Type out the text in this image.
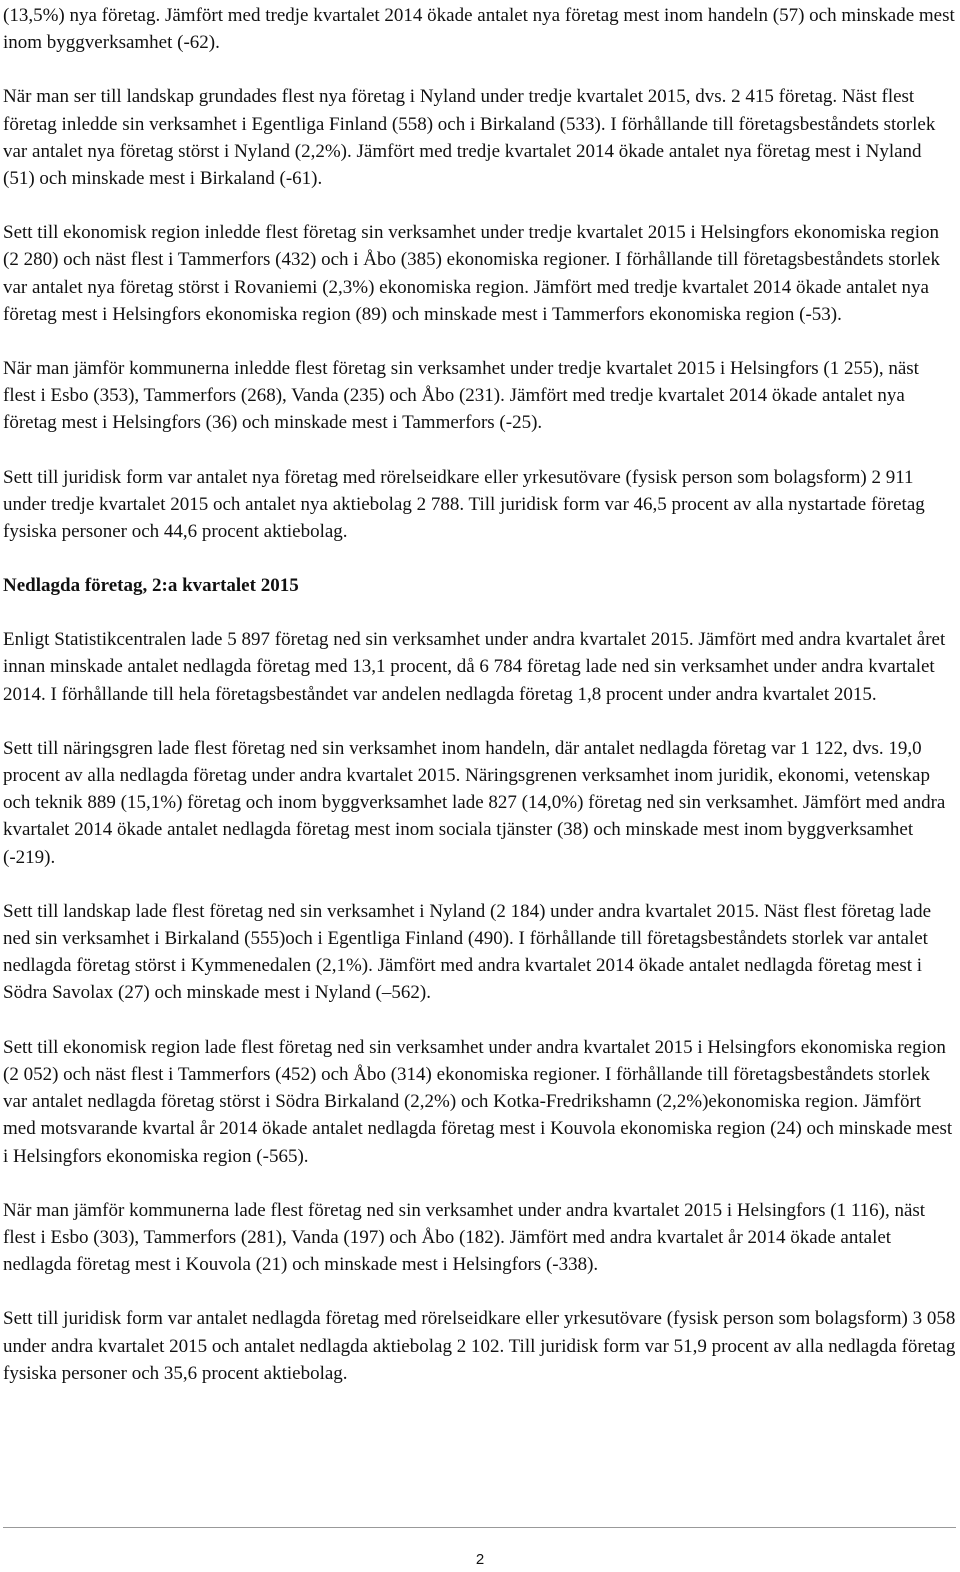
(13,5%) nya företag. Jämfört med tredje kvartalet 2014 ökade antalet nya företag mest inom handeln (57) och minskade mest inom byggverksamhet (-62).

När man ser till landskap grundades flest nya företag i Nyland under tredje kvartalet 2015, dvs. 2 415 företag. Näst flest företag inledde sin verksamhet i Egentliga Finland (558) och i Birkaland (533). I förhållande till företagsbeståndets storlek var antalet nya företag störst i Nyland (2,2%). Jämfört med tredje kvartalet 2014 ökade antalet nya företag mest i Nyland (51) och minskade mest i Birkaland (-61).

Sett till ekonomisk region inledde flest företag sin verksamhet under tredje kvartalet 2015 i Helsingfors ekonomiska region (2 280) och näst flest i Tammerfors (432) och i Åbo (385) ekonomiska regioner. I förhållande till företagsbeståndets storlek var antalet nya företag störst i Rovaniemi (2,3%) ekonomiska region. Jämfört med tredje kvartalet 2014 ökade antalet nya företag mest i Helsingfors ekonomiska region (89) och minskade mest i Tammerfors ekonomiska region (-53).

När man jämför kommunerna inledde flest företag sin verksamhet under tredje kvartalet 2015 i Helsingfors (1 255), näst flest i Esbo (353), Tammerfors (268), Vanda (235) och Åbo (231). Jämfört med tredje kvartalet 2014 ökade antalet nya företag mest i Helsingfors (36) och minskade mest i Tammerfors (-25).

Sett till juridisk form var antalet nya företag med rörelseidkare eller yrkesutövare (fysisk person som bolagsform) 2 911 under tredje kvartalet 2015 och antalet nya aktiebolag 2 788. Till juridisk form var 46,5 procent av alla nystartade företag fysiska personer och 44,6 procent aktiebolag.

Nedlagda företag, 2:a kvartalet 2015

Enligt Statistikcentralen lade 5 897 företag ned sin verksamhet under andra kvartalet 2015. Jämfört med andra kvartalet året innan minskade antalet nedlagda företag med 13,1 procent, då 6 784 företag lade ned sin verksamhet under andra kvartalet 2014. I förhållande till hela företagsbeståndet var andelen nedlagda företag 1,8 procent under andra kvartalet 2015.

Sett till näringsgren lade flest företag ned sin verksamhet inom handeln, där antalet nedlagda företag var 1 122, dvs. 19,0 procent av alla nedlagda företag under andra kvartalet 2015. Näringsgrenen verksamhet inom juridik, ekonomi, vetenskap och teknik 889 (15,1%) företag och inom byggverksamhet lade 827 (14,0%) företag ned sin verksamhet. Jämfört med andra kvartalet 2014 ökade antalet nedlagda företag mest inom sociala tjänster (38) och minskade mest inom byggverksamhet (-219).

Sett till landskap lade flest företag ned sin verksamhet i Nyland (2 184) under andra kvartalet 2015. Näst flest företag lade ned sin verksamhet i Birkaland (555)och i Egentliga Finland (490). I förhållande till företagsbeståndets storlek var antalet nedlagda företag störst i Kymmenedalen (2,1%). Jämfört med andra kvartalet 2014 ökade antalet nedlagda företag mest i Södra Savolax (27) och minskade mest i Nyland (–562).

Sett till ekonomisk region lade flest företag ned sin verksamhet under andra kvartalet 2015 i Helsingfors ekonomiska region (2 052) och näst flest i Tammerfors (452) och Åbo (314) ekonomiska regioner. I förhållande till företagsbeståndets storlek var antalet nedlagda företag störst i Södra Birkaland (2,2%) och Kotka-Fredrikshamn (2,2%)ekonomiska region. Jämfört med motsvarande kvartal år 2014 ökade antalet nedlagda företag mest i Kouvola ekonomiska region (24) och minskade mest i Helsingfors ekonomiska region (-565).

När man jämför kommunerna lade flest företag ned sin verksamhet under andra kvartalet 2015 i Helsingfors (1 116), näst flest i Esbo (303), Tammerfors (281), Vanda (197) och Åbo (182). Jämfört med andra kvartalet år 2014 ökade antalet nedlagda företag mest i Kouvola (21) och minskade mest i Helsingfors (-338).

Sett till juridisk form var antalet nedlagda företag med rörelseidkare eller yrkesutövare (fysisk person som bolagsform) 3 058 under andra kvartalet 2015 och antalet nedlagda aktiebolag 2 102. Till juridisk form var 51,9 procent av alla nedlagda företag fysiska personer och 35,6 procent aktiebolag.

2
